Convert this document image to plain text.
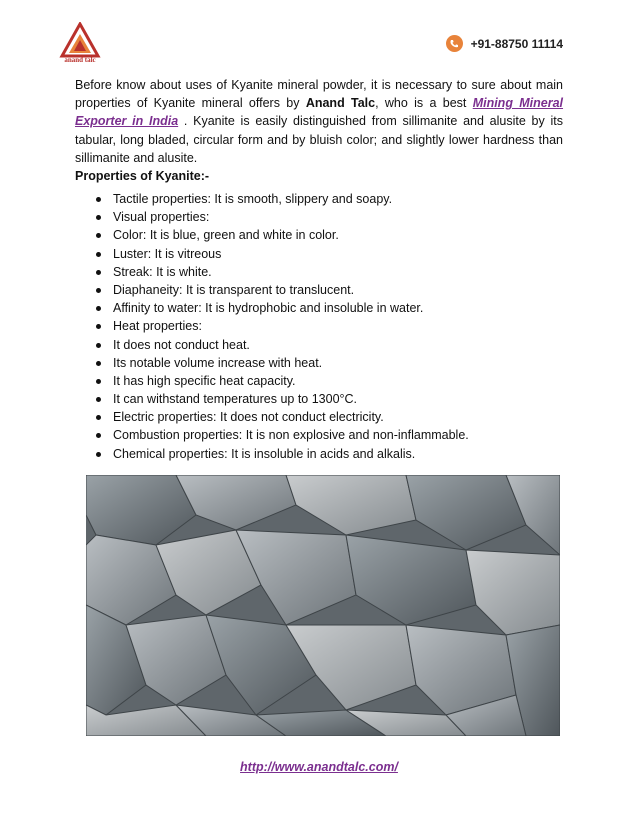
anand talc
+91-88750 11114

Before know about uses of Kyanite mineral powder, it is necessary to sure about main properties of Kyanite mineral offers by Anand Talc, who is a best Mining Mineral Exporter in India . Kyanite is easily distinguished from sillimanite and alusite by its tabular, long bladed, circular form and by bluish color; and slightly lower hardness than sillimanite and alusite.

Properties of Kyanite:-
Tactile properties: It is smooth, slippery and soapy.
Visual properties:
Color: It is blue, green and white in color.
Luster: It is vitreous
Streak: It is white.
Diaphaneity: It is transparent to translucent.
Affinity to water: It is hydrophobic and insoluble in water.
Heat properties:
It does not conduct heat.
Its notable volume increase with heat.
It has high specific heat capacity.
It can withstand temperatures up to 1300°C.
Electric properties: It does not conduct electricity.
Combustion properties: It is non explosive and non-inflammable.
Chemical properties: It is insoluble in acids and alkalis.
http://www.anandtalc.com/
